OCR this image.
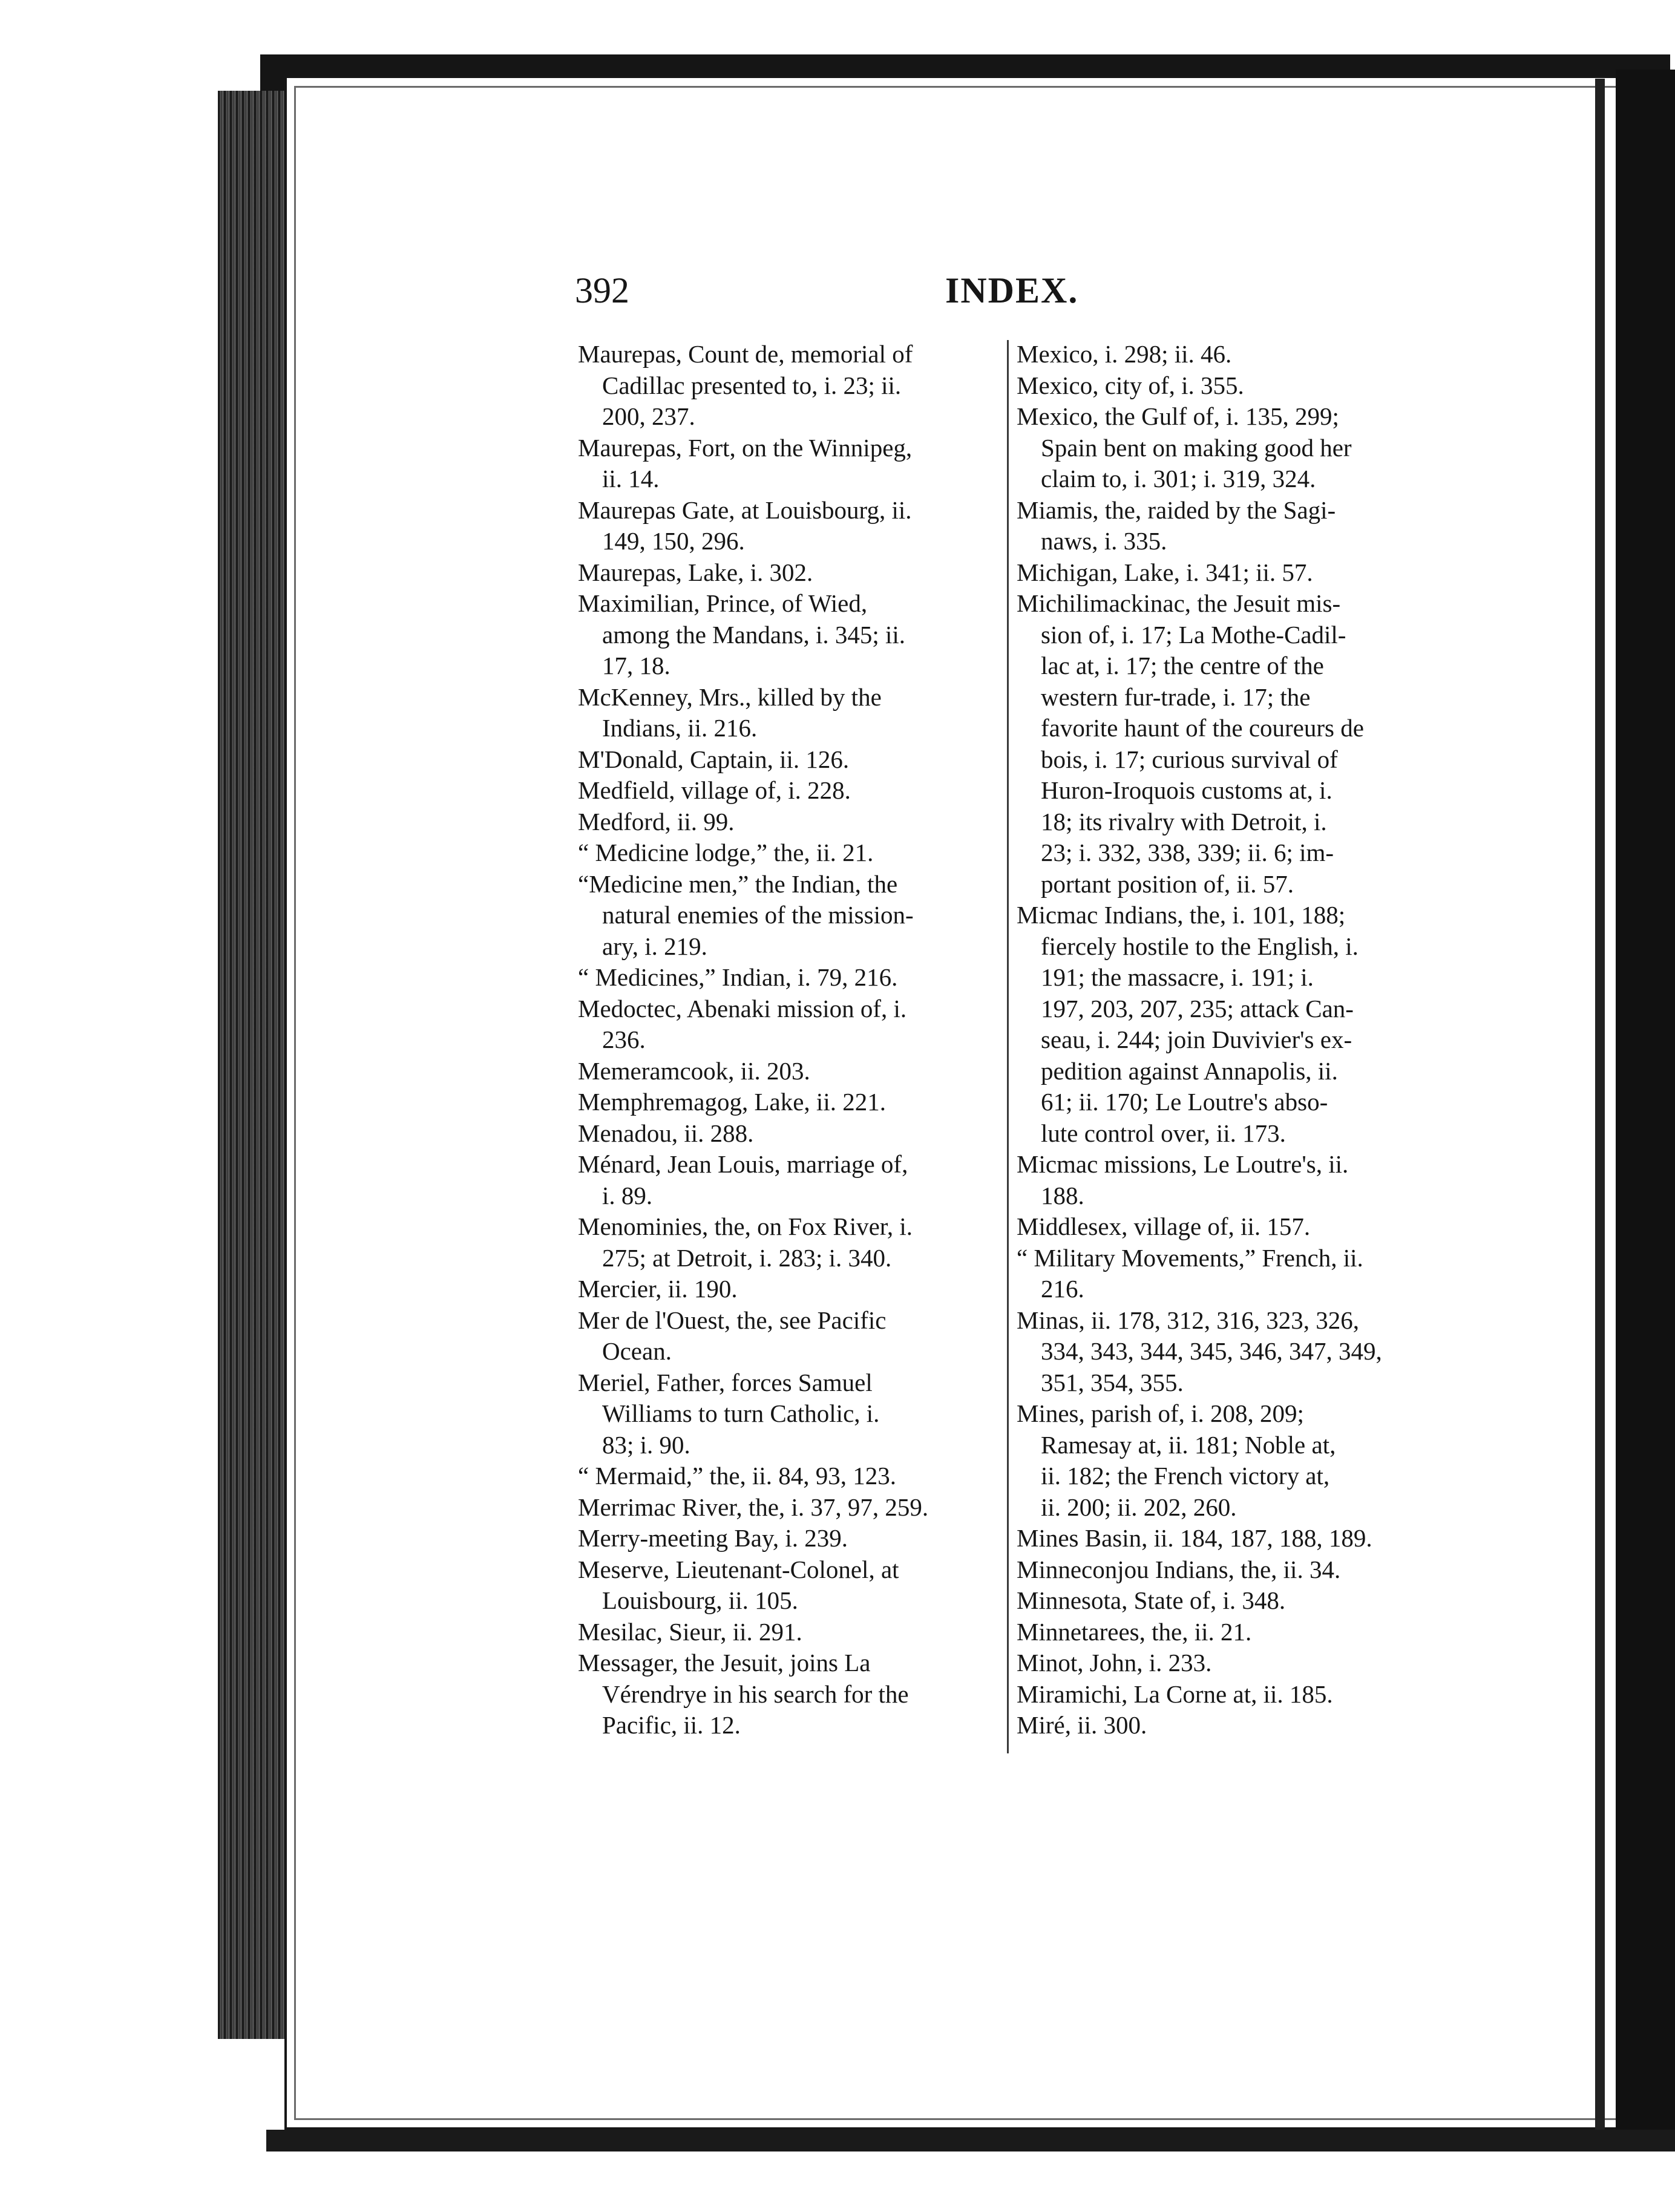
392	INDEX.
Maurepas, Count de, memorial of
Cadillac presented to, i. 23; ii.
200, 237.
Maurepas, Fort, on the Winnipeg,
ii. 14.
Maurepas Gate, at Louisbourg, ii.
149, 150, 296.
Maurepas, Lake, i. 302.
Maximilian, Prince, of Wied,
among the Mandans, i. 345; ii.
17, 18.
McKenney, Mrs., killed by the
Indians, ii. 216.
M'Donald, Captain, ii. 126.
Medfield, village of, i. 228.
Medford, ii. 99.
“ Medicine lodge,” the, ii. 21.
“Medicine men,” the Indian, the
natural enemies of the mission-
ary, i. 219.
“ Medicines,” Indian, i. 79, 216.
Medoctec, Abenaki mission of, i.
236.
Memeramcook, ii. 203.
Memphremagog, Lake, ii. 221.
Menadou, ii. 288.
Ménard, Jean Louis, marriage of,
i. 89.
Menominies, the, on Fox River, i.
275; at Detroit, i. 283; i. 340.
Mercier, ii. 190.
Mer de l'Ouest, the, see Pacific
Ocean.
Meriel, Father, forces Samuel
Williams to turn Catholic, i.
83; i. 90.
“ Mermaid,” the, ii. 84, 93, 123.
Merrimac River, the, i. 37, 97, 259.
Merry-meeting Bay, i. 239.
Meserve, Lieutenant-Colonel, at
Louisbourg, ii. 105.
Mesilac, Sieur, ii. 291.
Messager, the Jesuit, joins La
Vérendrye in his search for the
Pacific, ii. 12.
Mexico, i. 298; ii. 46.
Mexico, city of, i. 355.
Mexico, the Gulf of, i. 135, 299;
Spain bent on making good her
claim to, i. 301; i. 319, 324.
Miamis, the, raided by the Sagi-
naws, i. 335.
Michigan, Lake, i. 341; ii. 57.
Michilimackinac, the Jesuit mis-
sion of, i. 17; La Mothe-Cadil-
lac at, i. 17; the centre of the
western fur-trade, i. 17; the
favorite haunt of the coureurs de
bois, i. 17; curious survival of
Huron-Iroquois customs at, i.
18; its rivalry with Detroit, i.
23; i. 332, 338, 339; ii. 6; im-
portant position of, ii. 57.
Micmac Indians, the, i. 101, 188;
fiercely hostile to the English, i.
191; the massacre, i. 191; i.
197, 203, 207, 235; attack Can-
seau, i. 244; join Duvivier's ex-
pedition against Annapolis, ii.
61; ii. 170; Le Loutre's abso-
lute control over, ii. 173.
Micmac missions, Le Loutre's, ii.
188.
Middlesex, village of, ii. 157.
“ Military Movements,” French, ii.
216.
Minas, ii. 178, 312, 316, 323, 326,
334, 343, 344, 345, 346, 347, 349,
351, 354, 355.
Mines, parish of, i. 208, 209;
Ramesay at, ii. 181; Noble at,
ii. 182; the French victory at,
ii. 200; ii. 202, 260.
Mines Basin, ii. 184, 187, 188, 189.
Minneconjou Indians, the, ii. 34.
Minnesota, State of, i. 348.
Minnetarees, the, ii. 21.
Minot, John, i. 233.
Miramichi, La Corne at, ii. 185.
Miré, ii. 300.
